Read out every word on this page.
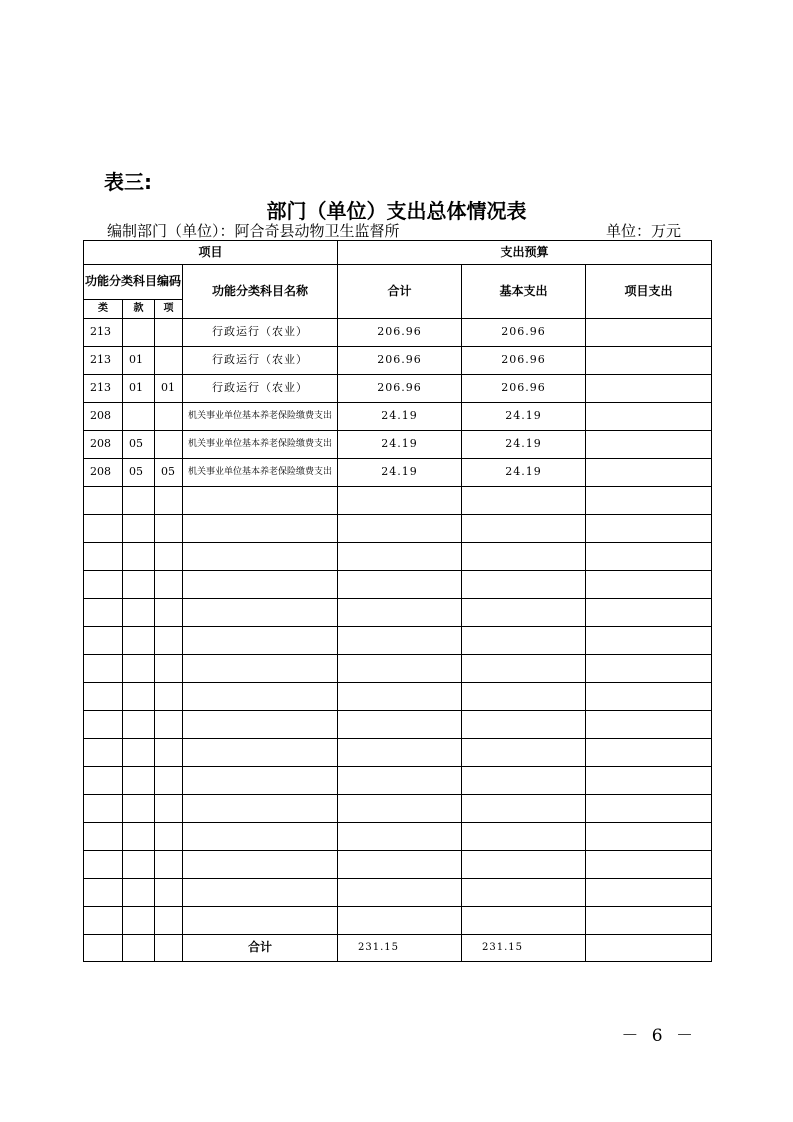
表三:
部门（单位）支出总体情况表
编制部门（单位）：阿合奇县动物卫生监督所	单位：万元
项目				支出预算		
功能分类科目编码			功能分类科目名称	合计	基本支出	项目支出
类	款	项				
213			行政运行（农业）	206.96	206.96	
213	01		行政运行（农业）	206.96	206.96	
213	01	01	行政运行（农业）	206.96	206.96	
208			机关事业单位基本养老保险缴费支出	24.19	24.19	
208	05		机关事业单位基本养老保险缴费支出	24.19	24.19	
208	05	05	机关事业单位基本养老保险缴费支出	24.19	24.19	

			合计	231.15	231.15	
－ 6 －
